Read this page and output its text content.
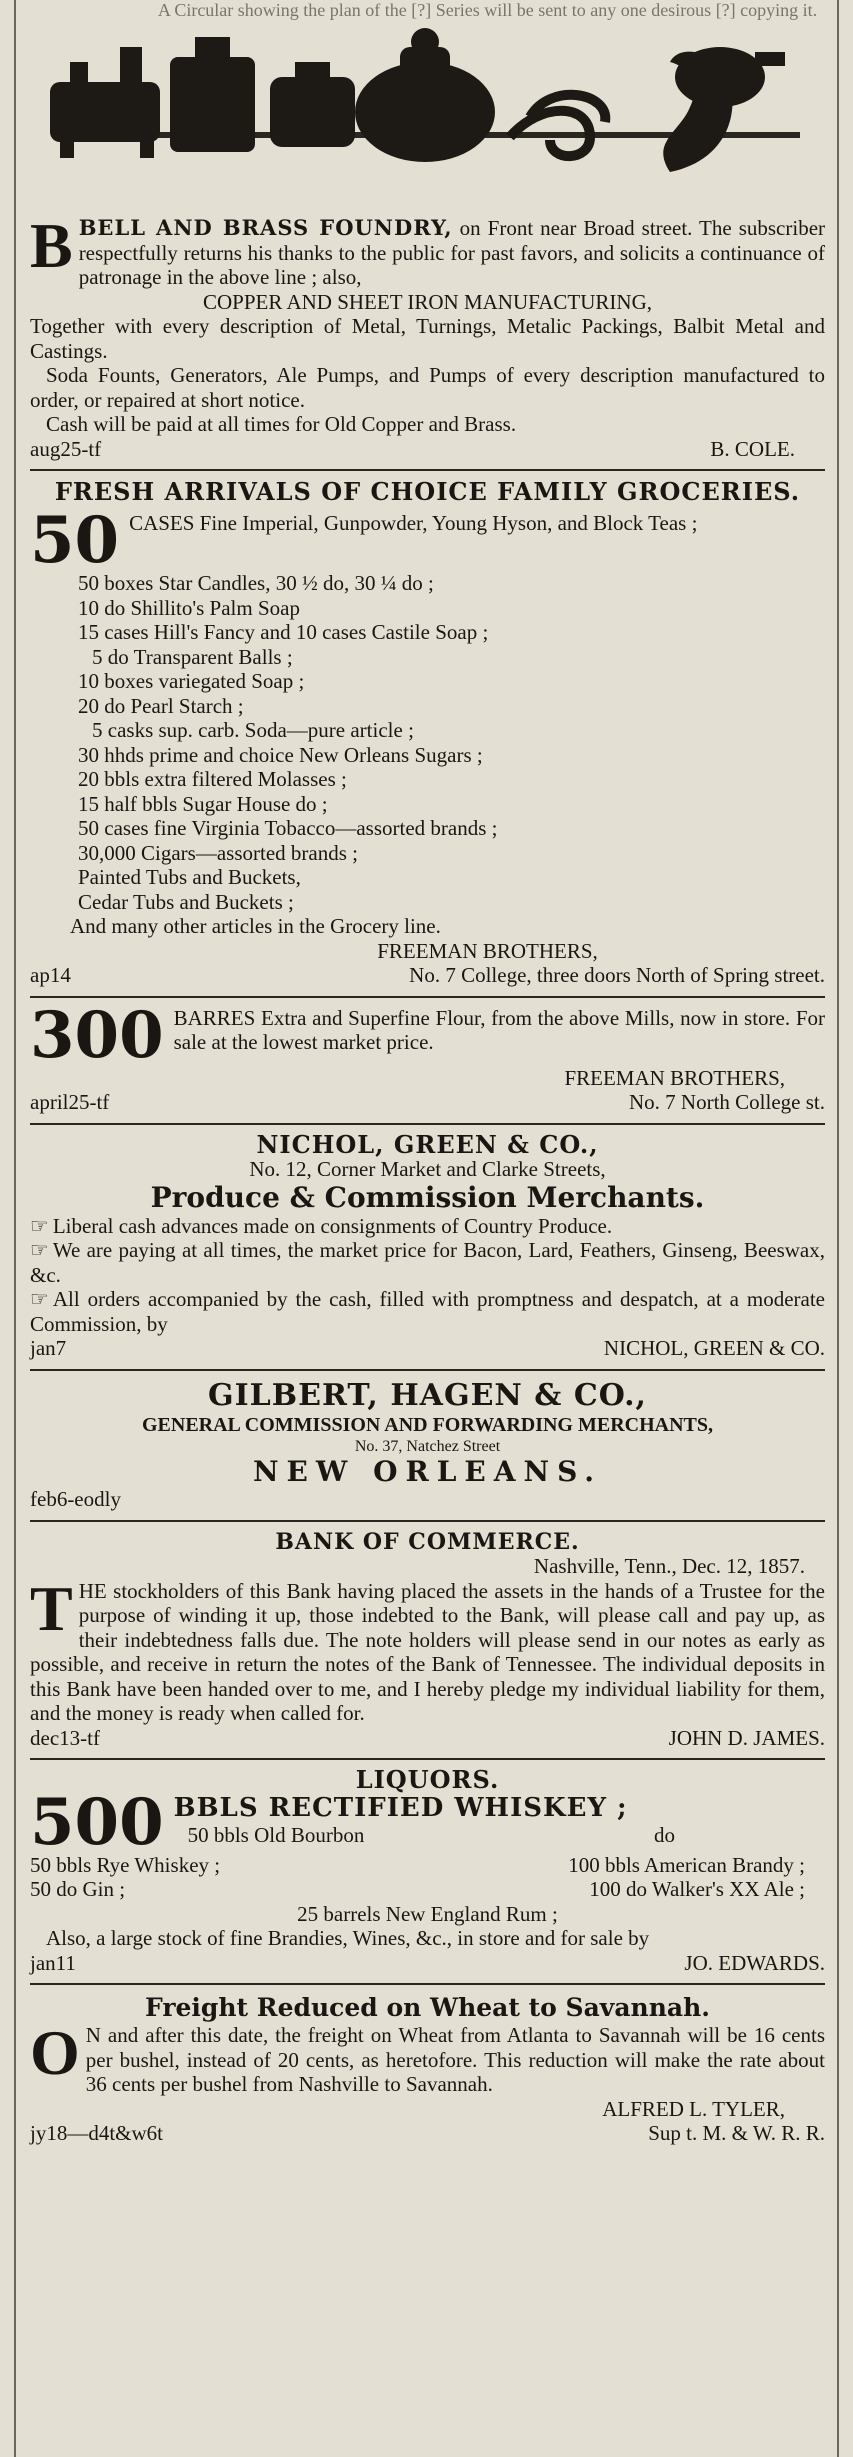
A Circular showing the plan of the [?] Series will be sent to any one desirous [?] copying it.
B BELL AND BRASS FOUNDRY, on Front near Broad street. The subscriber respectfully returns his thanks to the public for past favors, and solicits a continuance of patronage in the above line ; also,
COPPER AND SHEET IRON MANUFACTURING,
Together with every description of Metal, Turnings, Metalic Packings, Balbit Metal and Castings.
Soda Founts, Generators, Ale Pumps, and Pumps of every description manufactured to order, or repaired at short notice.
Cash will be paid at all times for Old Copper and Brass.
aug25-tf	B. COLE.
FRESH ARRIVALS OF CHOICE FAMILY GROCERIES.
50 CASES Fine Imperial, Gunpowder, Young Hyson, and Block Teas ;
50 boxes Star Candles, 30 ½ do, 30 ¼ do ;
10 do Shillito's Palm Soap
15 cases Hill's Fancy and 10 cases Castile Soap ;
5 do Transparent Balls ;
10 boxes variegated Soap ;
20 do Pearl Starch ;
5 casks sup. carb. Soda—pure article ;
30 hhds prime and choice New Orleans Sugars ;
20 bbls extra filtered Molasses ;
15 half bbls Sugar House do ;
50 cases fine Virginia Tobacco—assorted brands ;
30,000 Cigars—assorted brands ;
Painted Tubs and Buckets,
Cedar Tubs and Buckets ;
And many other articles in the Grocery line.
FREEMAN BROTHERS,
ap14	No. 7 College, three doors North of Spring street.
300 BARRES Extra and Superfine Flour, from the above Mills, now in store. For sale at the lowest market price.
FREEMAN BROTHERS,
april25-tf	No. 7 North College st.
NICHOL, GREEN & CO.,
No. 12, Corner Market and Clarke Streets,
Produce & Commission Merchants.
☞ Liberal cash advances made on consignments of Country Produce.
☞ We are paying at all times, the market price for Bacon, Lard, Feathers, Ginseng, Beeswax, &c.
☞ All orders accompanied by the cash, filled with promptness and despatch, at a moderate Commission, by
jan7	NICHOL, GREEN & CO.
GILBERT, HAGEN & CO.,
GENERAL COMMISSION AND FORWARDING MERCHANTS,
No. 37, Natchez Street
NEW ORLEANS.
feb6-eodly
BANK OF COMMERCE.
Nashville, Tenn., Dec. 12, 1857.
T HE stockholders of this Bank having placed the assets in the hands of a Trustee for the purpose of winding it up, those indebted to the Bank, will please call and pay up, as their indebtedness falls due. The note holders will please send in our notes as early as possible, and receive in return the notes of the Bank of Tennessee. The individual deposits in this Bank have been handed over to me, and I hereby pledge my individual liability for them, and the money is ready when called for.
dec13-tf	JOHN D. JAMES.
LIQUORS.
500 BBLS RECTIFIED WHISKEY ;
50 bbls Old Bourbon	do
50 bbls Rye Whiskey ;	100 bbls American Brandy ;
50 do Gin ;	100 do Walker's XX Ale ;
25 barrels New England Rum ;
Also, a large stock of fine Brandies, Wines, &c., in store and for sale by
jan11	JO. EDWARDS.
Freight Reduced on Wheat to Savannah.
O N and after this date, the freight on Wheat from Atlanta to Savannah will be 16 cents per bushel, instead of 20 cents, as heretofore. This reduction will make the rate about 36 cents per bushel from Nashville to Savannah.
ALFRED L. TYLER,
jy18—d4t&w6t	Sup t. M. & W. R. R.
